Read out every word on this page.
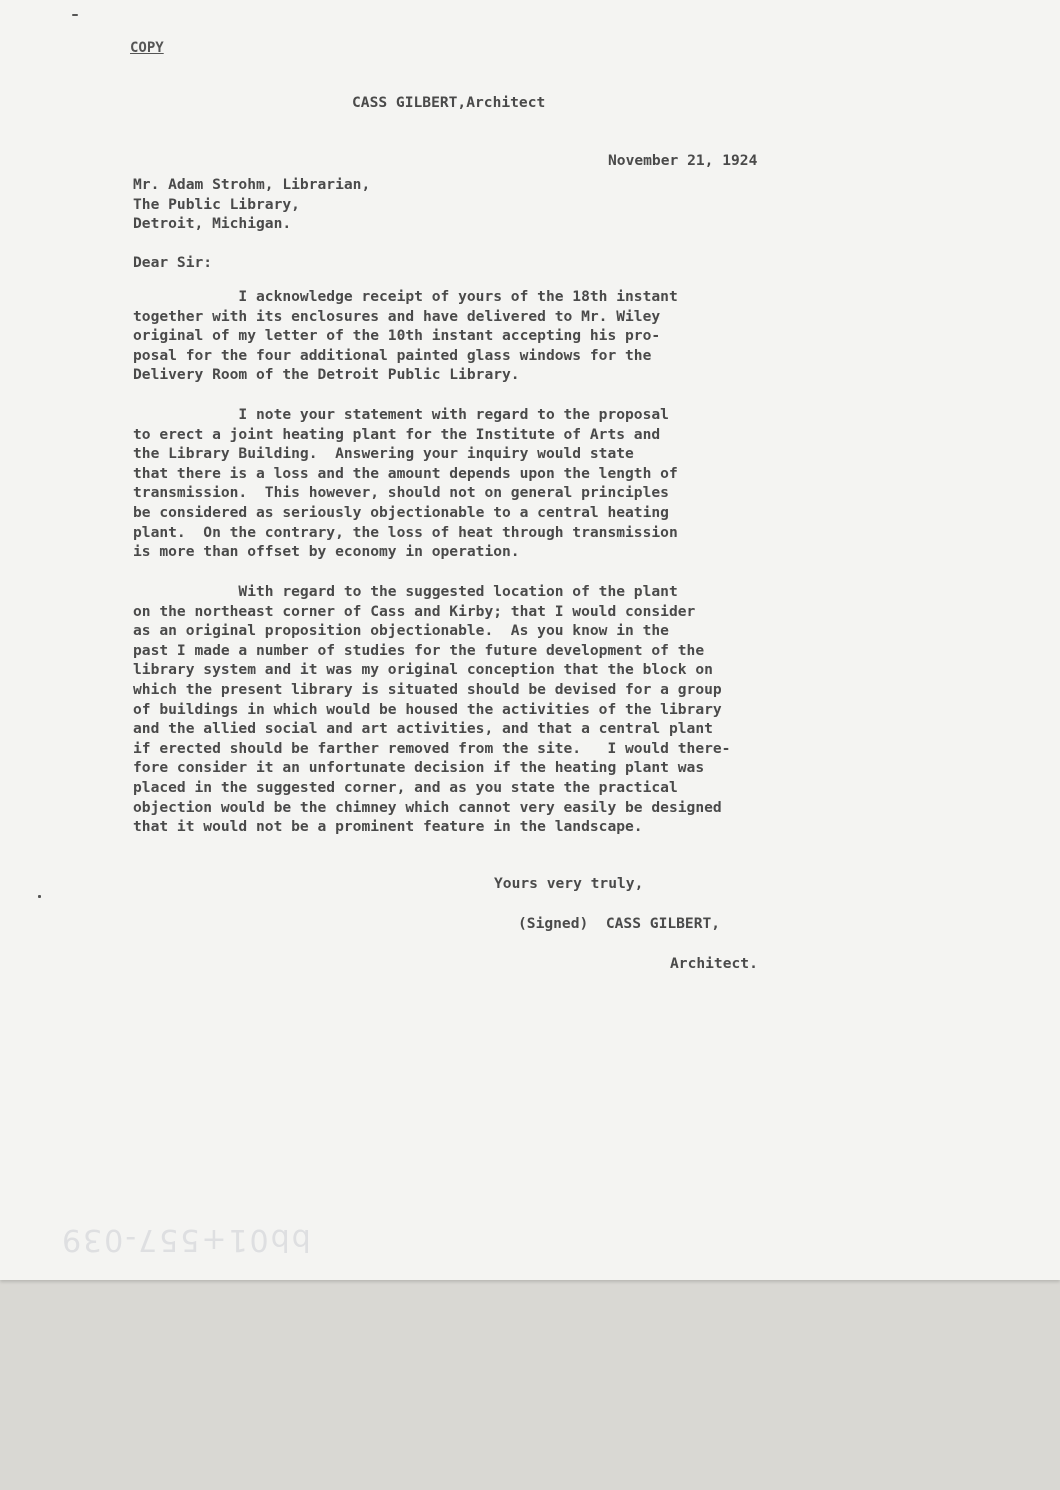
COPY
CASS GILBERT,Architect
November 21, 1924
Mr. Adam Strohm, Librarian,
The Public Library,
Detroit, Michigan.
Dear Sir:
I acknowledge receipt of yours of the 18th instant
together with its enclosures and have delivered to Mr. Wiley
original of my letter of the 10th instant accepting his pro-
posal for the four additional painted glass windows for the
Delivery Room of the Detroit Public Library.
I note your statement with regard to the proposal
to erect a joint heating plant for the Institute of Arts and
the Library Building.  Answering your inquiry would state
that there is a loss and the amount depends upon the length of
transmission.  This however, should not on general principles
be considered as seriously objectionable to a central heating
plant.  On the contrary, the loss of heat through transmission
is more than offset by economy in operation.
With regard to the suggested location of the plant
on the northeast corner of Cass and Kirby; that I would consider
as an original proposition objectionable.  As you know in the
past I made a number of studies for the future development of the
library system and it was my original conception that the block on
which the present library is situated should be devised for a group
of buildings in which would be housed the activities of the library
and the allied social and art activities, and that a central plant
if erected should be farther removed from the site.   I would there-
fore consider it an unfortunate decision if the heating plant was
placed in the suggested corner, and as you state the practical
objection would be the chimney which cannot very easily be designed
that it would not be a prominent feature in the landscape.
Yours very truly,
(Signed)  CASS GILBERT,
Architect.
bb01+557-039
